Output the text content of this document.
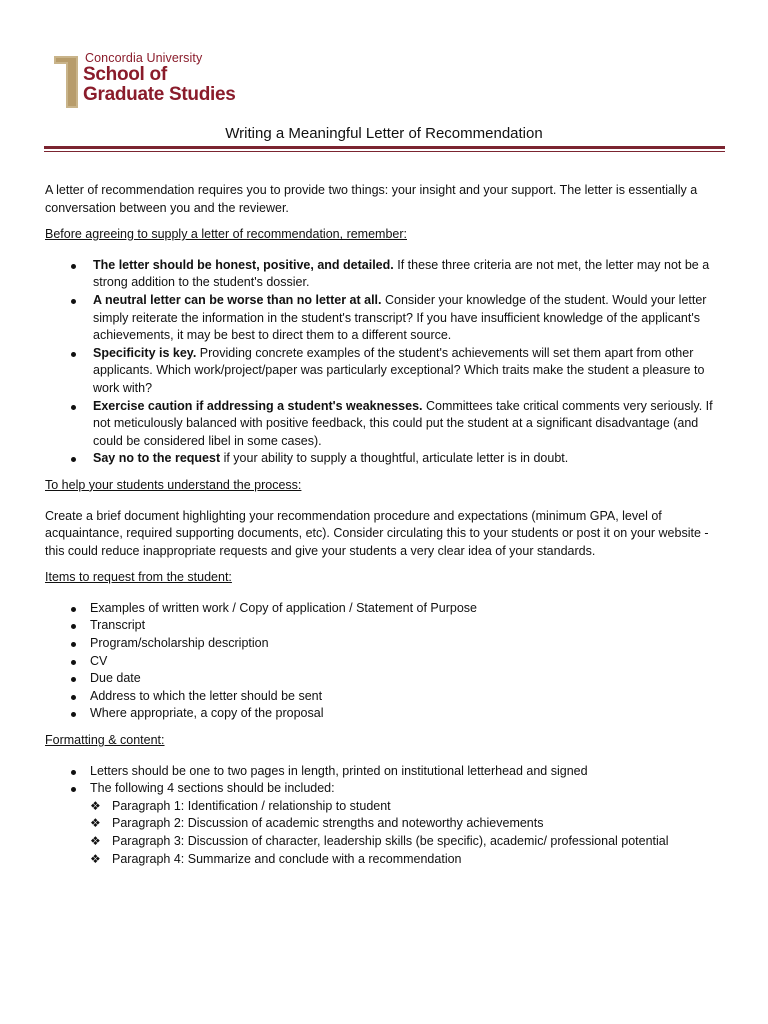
Concordia University
School of
Graduate Studies
Writing a Meaningful Letter of Recommendation

A letter of recommendation requires you to provide two things: your insight and your support. The letter is essentially a conversation between you and the reviewer.

Before agreeing to supply a letter of recommendation, remember:

The letter should be honest, positive, and detailed. If these three criteria are not met, the letter may not be a strong addition to the student's dossier.
A neutral letter can be worse than no letter at all. Consider your knowledge of the student. Would your letter simply reiterate the information in the student's transcript? If you have insufficient knowledge of the applicant's achievements, it may be best to direct them to a different source.
Specificity is key. Providing concrete examples of the student's achievements will set them apart from other applicants. Which work/project/paper was particularly exceptional? Which traits make the student a pleasure to work with?
Exercise caution if addressing a student's weaknesses. Committees take critical comments very seriously. If not meticulously balanced with positive feedback, this could put the student at a significant disadvantage (and could be considered libel in some cases).
Say no to the request if your ability to supply a thoughtful, articulate letter is in doubt.

To help your students understand the process:

Create a brief document highlighting your recommendation procedure and expectations (minimum GPA, level of acquaintance, required supporting documents, etc). Consider circulating this to your students or post it on your website - this could reduce inappropriate requests and give your students a very clear idea of your standards.

Items to request from the student:

Examples of written work / Copy of application / Statement of Purpose
Transcript
Program/scholarship description
CV
Due date
Address to which the letter should be sent
Where appropriate, a copy of the proposal

Formatting & content:

Letters should be one to two pages in length, printed on institutional letterhead and signed
The following 4 sections should be included:
❖ Paragraph 1: Identification / relationship to student
❖ Paragraph 2: Discussion of academic strengths and noteworthy achievements
❖ Paragraph 3: Discussion of character, leadership skills (be specific), academic/ professional potential
❖ Paragraph 4: Summarize and conclude with a recommendation
